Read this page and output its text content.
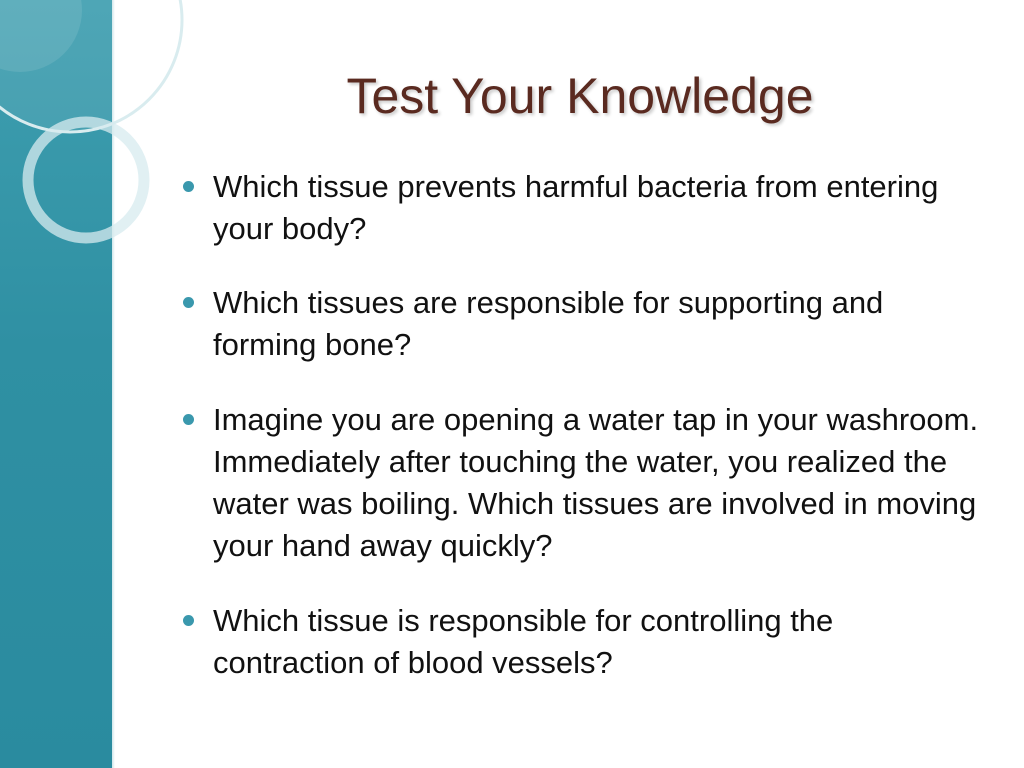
Test Your Knowledge
Which tissue prevents harmful bacteria from entering your body?
Which tissues are responsible for supporting and forming bone?
Imagine you are opening a water tap in your washroom. Immediately after touching the water, you realized the water was boiling. Which tissues are involved in moving your hand away quickly?
Which tissue is responsible for controlling the contraction of blood vessels?
